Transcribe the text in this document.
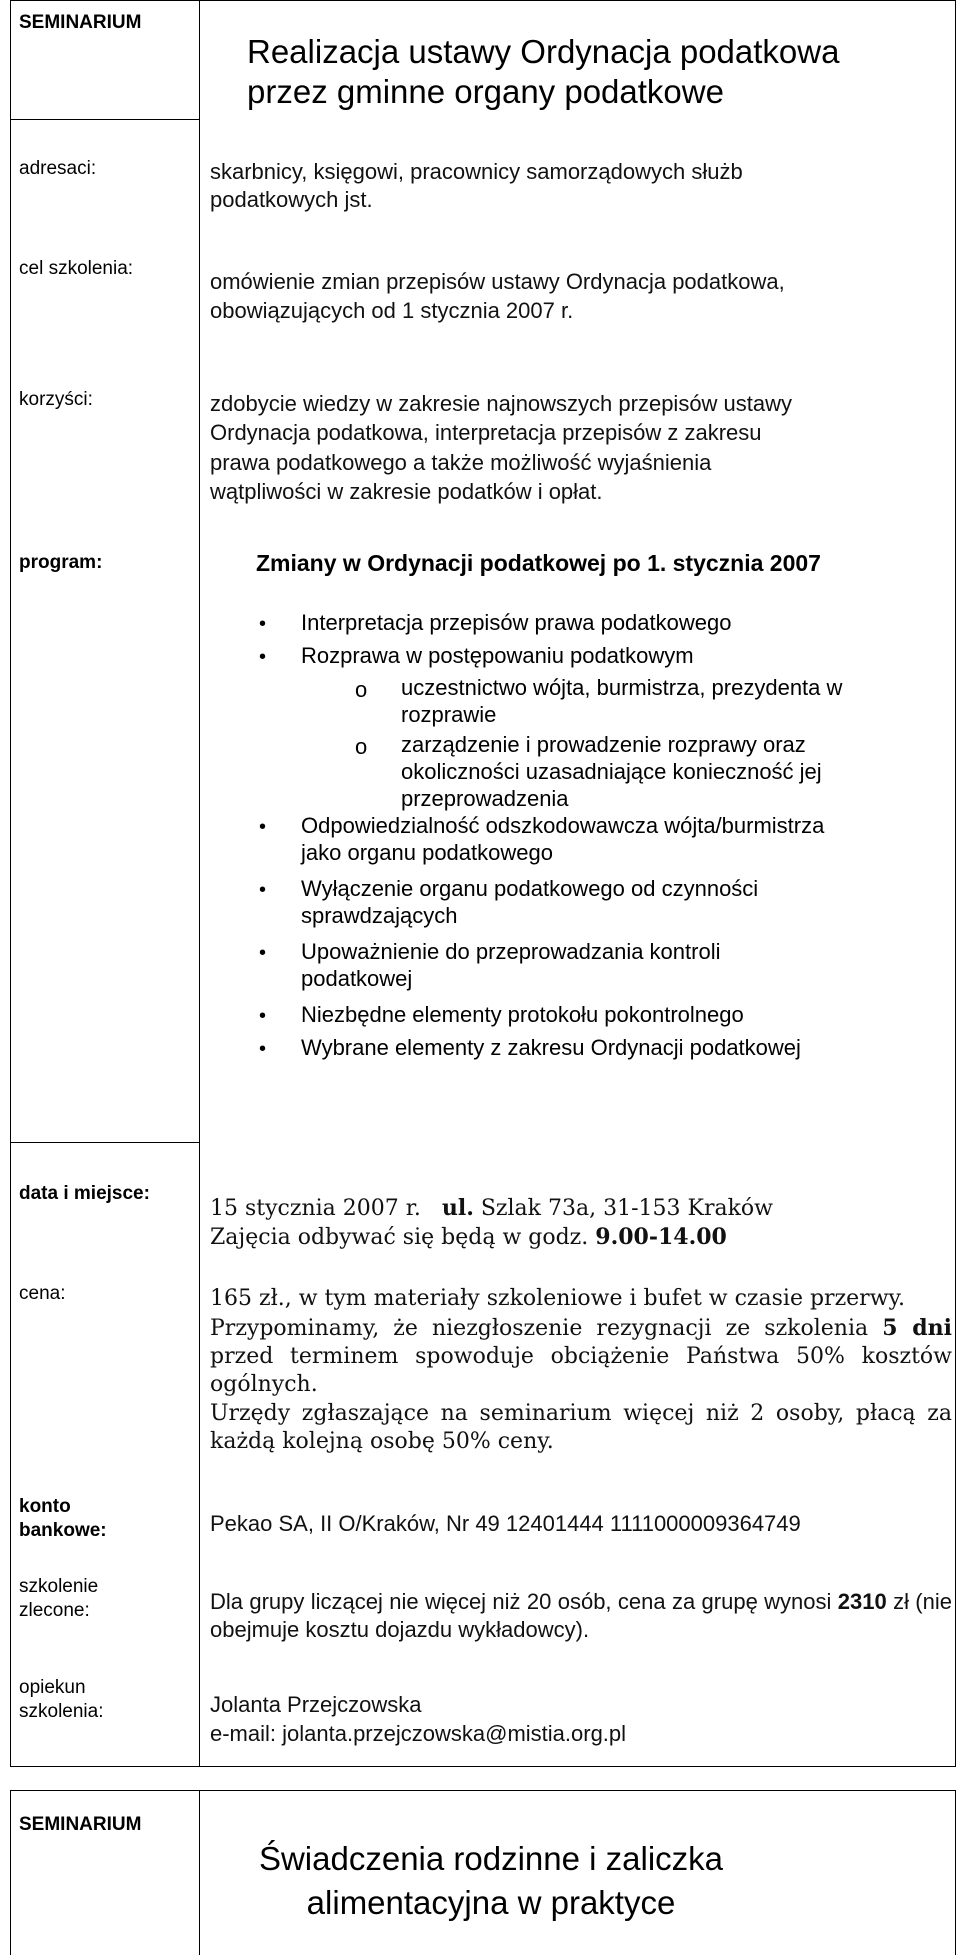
SEMINARIUM
Realizacja ustawy Ordynacja podatkowa
przez gminne organy podatkowe
adresaci:	skarbnicy, księgowi, pracownicy samorządowych służb
podatkowych jst.
cel szkolenia:
omówienie zmian przepisów ustawy Ordynacja podatkowa,
obowiązujących od 1 stycznia 2007 r.
korzyści:	zdobycie wiedzy w zakresie najnowszych przepisów ustawy
Ordynacja podatkowa, interpretacja przepisów z zakresu
prawa podatkowego a także możliwość wyjaśnienia
wątpliwości w zakresie podatków i opłat.
program:	Zmiany w Ordynacji podatkowej po 1. stycznia 2007
• Interpretacja przepisów prawa podatkowego
• Rozprawa w postępowaniu podatkowym
o uczestnictwo wójta, burmistrza, prezydenta w
rozprawie
o zarządzenie i prowadzenie rozprawy oraz
okoliczności uzasadniające konieczność jej
przeprowadzenia
• Odpowiedzialność odszkodowawcza wójta/burmistrza
jako organu podatkowego
• Wyłączenie organu podatkowego od czynności
sprawdzających
• Upoważnienie do przeprowadzania kontroli
podatkowej
• Niezbędne elementy protokołu pokontrolnego
• Wybrane elementy z zakresu Ordynacji podatkowej
data i miejsce:
15 stycznia 2007 r. ul. Szlak 73a, 31-153 Kraków
Zajęcia odbywać się będą w godz. 9.00-14.00
cena:	165 zł., w tym materiały szkoleniowe i bufet w czasie przerwy.
Przypominamy, że niezgłoszenie rezygnacji ze szkolenia 5 dni przed terminem spowoduje obciążenie Państwa 50% kosztów ogólnych.
Urzędy zgłaszające na seminarium więcej niż 2 osoby, płacą za każdą kolejną osobę 50% ceny.
konto
bankowe:	Pekao SA, II O/Kraków, Nr 49 12401444 1111000009364749
szkolenie
zlecone:	Dla grupy liczącej nie więcej niż 20 osób, cena za grupę wynosi 2310 zł (nie obejmuje kosztu dojazdu wykładowcy).
opiekun
szkolenia:	Jolanta Przejczowska
e-mail: jolanta.przejczowska@mistia.org.pl
SEMINARIUM
Świadczenia rodzinne i zaliczka
alimentacyjna w praktyce
